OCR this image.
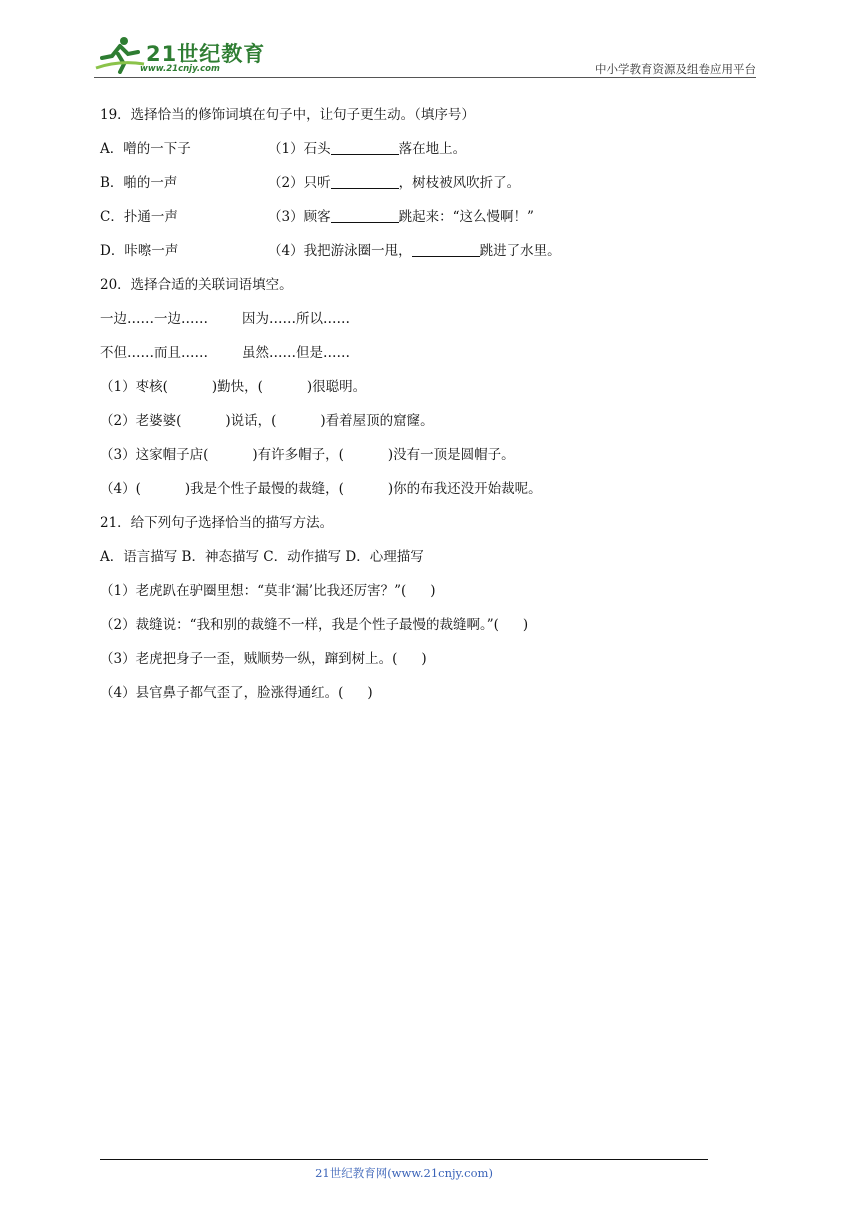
21世纪教育
www.21cnjy.com	中小学教育资源及组卷应用平台
19．选择恰当的修饰词填在句子中，让句子更生动。（填序号）
A．噌的一下子	（1）石头	落在地上。
B．啪的一声	（2）只听	，树枝被风吹折了。
C．扑通一声	（3）顾客	跳起来：“这么慢啊！”
D．咔嚓一声	（4）我把游泳圈一甩，	跳进了水里。
20．选择合适的关联词语填空。
一边……一边……	因为……所以……
不但……而且……	虽然……但是……
（1）枣核(	)勤快，(	)很聪明。
（2）老婆婆(	)说话，(	)看着屋顶的窟窿。
（3）这家帽子店(	)有许多帽子，(	)没有一顶是圆帽子。
（4）(	)我是个性子最慢的裁缝，(	)你的布我还没开始裁呢。
21．给下列句子选择恰当的描写方法。
A．语言描写 B．神态描写 C．动作描写 D．心理描写
（1）老虎趴在驴圈里想：“莫非‘漏’比我还厉害？”( )
（2）裁缝说：“我和别的裁缝不一样，我是个性子最慢的裁缝啊。”( )
（3）老虎把身子一歪，贼顺势一纵，蹿到树上。( )
（4）县官鼻子都气歪了，脸涨得通红。( )
21世纪教育网(www.21cnjy.com)
